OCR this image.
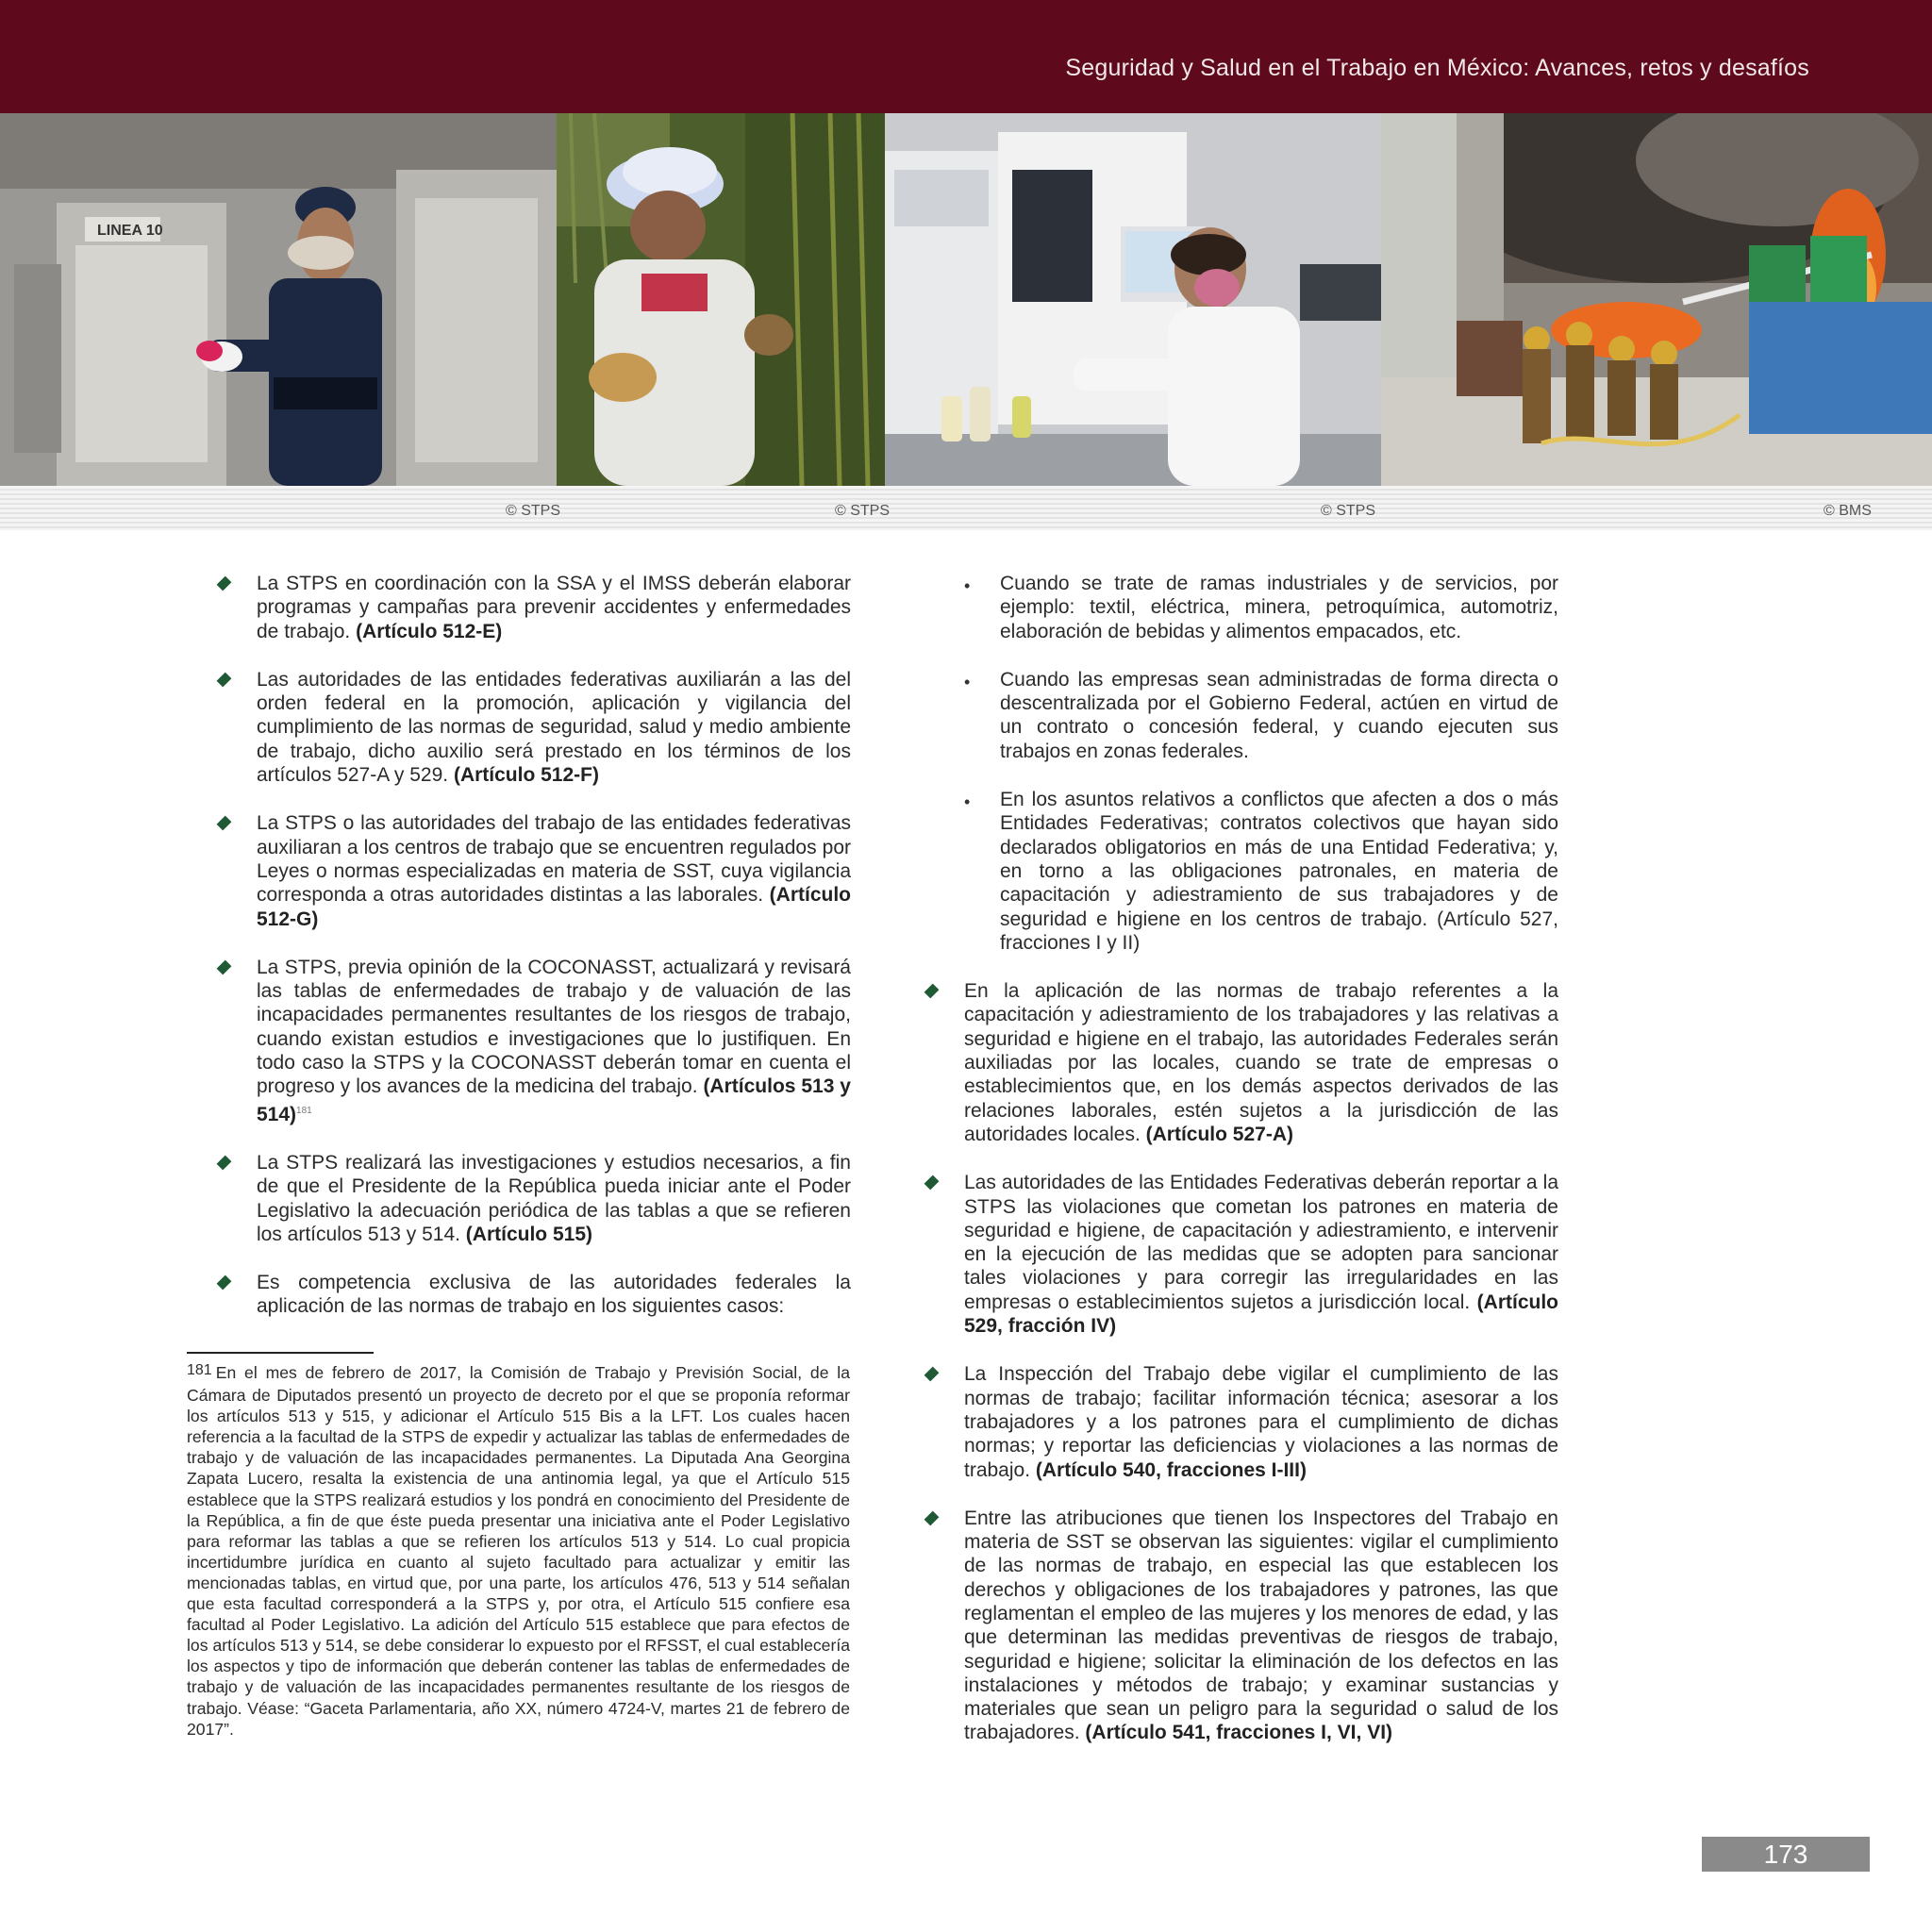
Seguridad y Salud en el Trabajo en México: Avances, retos y desafíos
LINEA 10
© STPS	© STPS	© STPS	© BMS
La STPS en coordinación con la SSA y el IMSS deberán elaborar programas y campañas para prevenir accidentes y enfermedades de trabajo. (Artículo 512-E)
Las autoridades de las entidades federativas auxiliarán a las del orden federal en la promoción, aplicación y vigilancia del cumplimiento de las normas de seguridad, salud y medio ambiente de trabajo, dicho auxilio será prestado en los términos de los artículos 527-A y 529. (Artículo 512-F)
La STPS o las autoridades del trabajo de las entidades federativas auxiliaran a los centros de trabajo que se encuentren regulados por Leyes o normas especializadas en materia de SST, cuya vigilancia corresponda a otras autoridades distintas a las laborales. (Artículo 512-G)
La STPS, previa opinión de la COCONASST, actualizará y revisará las tablas de enfermedades de trabajo y de valuación de las incapacidades permanentes resultantes de los riesgos de trabajo, cuando existan estudios e investigaciones que lo justifiquen. En todo caso la STPS y la COCONASST deberán tomar en cuenta el progreso y los avances de la medicina del trabajo. (Artículos 513 y 514)$^{181}$
La STPS realizará las investigaciones y estudios necesarios, a fin de que el Presidente de la República pueda iniciar ante el Poder Legislativo la adecuación periódica de las tablas a que se refieren los artículos 513 y 514. (Artículo 515)
Es competencia exclusiva de las autoridades federales la aplicación de las normas de trabajo en los siguientes casos:
181 En el mes de febrero de 2017, la Comisión de Trabajo y Previsión Social, de la Cámara de Diputados presentó un proyecto de decreto por el que se proponía reformar los artículos 513 y 515, y adicionar el Artículo 515 Bis a la LFT. Los cuales hacen referencia a la facultad de la STPS de expedir y actualizar las tablas de enfermedades de trabajo y de valuación de las incapacidades permanentes. La Diputada Ana Georgina Zapata Lucero, resalta la existencia de una antinomia legal, ya que el Artículo 515 establece que la STPS realizará estudios y los pondrá en conocimiento del Presidente de la República, a fin de que éste pueda presentar una iniciativa ante el Poder Legislativo para reformar las tablas a que se refieren los artículos 513 y 514. Lo cual propicia incertidumbre jurídica en cuanto al sujeto facultado para actualizar y emitir las mencionadas tablas, en virtud que, por una parte, los artículos 476, 513 y 514 señalan que esta facultad corresponderá a la STPS y, por otra, el Artículo 515 confiere esa facultad al Poder Legislativo. La adición del Artículo 515 establece que para efectos de los artículos 513 y 514, se debe considerar lo expuesto por el RFSST, el cual establecería los aspectos y tipo de información que deberán contener las tablas de enfermedades de trabajo y de valuación de las incapacidades permanentes resultante de los riesgos de trabajo. Véase: “Gaceta Parlamentaria, año XX, número 4724-V, martes 21 de febrero de 2017”.
• Cuando se trate de ramas industriales y de servicios, por ejemplo: textil, eléctrica, minera, petroquímica, automotriz, elaboración de bebidas y alimentos empacados, etc.
• Cuando las empresas sean administradas de forma directa o descentralizada por el Gobierno Federal, actúen en virtud de un contrato o concesión federal, y cuando ejecuten sus trabajos en zonas federales.
• En los asuntos relativos a conflictos que afecten a dos o más Entidades Federativas; contratos colectivos que hayan sido declarados obligatorios en más de una Entidad Federativa; y, en torno a las obligaciones patronales, en materia de capacitación y adiestramiento de sus trabajadores y de seguridad e higiene en los centros de trabajo. (Artículo 527, fracciones I y II)
En la aplicación de las normas de trabajo referentes a la capacitación y adiestramiento de los trabajadores y las relativas a seguridad e higiene en el trabajo, las autoridades Federales serán auxiliadas por las locales, cuando se trate de empresas o establecimientos que, en los demás aspectos derivados de las relaciones laborales, estén sujetos a la jurisdicción de las autoridades locales. (Artículo 527-A)
Las autoridades de las Entidades Federativas deberán reportar a la STPS las violaciones que cometan los patrones en materia de seguridad e higiene, de capacitación y adiestramiento, e intervenir en la ejecución de las medidas que se adopten para sancionar tales violaciones y para corregir las irregularidades en las empresas o establecimientos sujetos a jurisdicción local. (Artículo 529, fracción IV)
La Inspección del Trabajo debe vigilar el cumplimiento de las normas de trabajo; facilitar información técnica; asesorar a los trabajadores y a los patrones para el cumplimiento de dichas normas; y reportar las deficiencias y violaciones a las normas de trabajo. (Artículo 540, fracciones I-III)
Entre las atribuciones que tienen los Inspectores del Trabajo en materia de SST se observan las siguientes: vigilar el cumplimiento de las normas de trabajo, en especial las que establecen los derechos y obligaciones de los trabajadores y patrones, las que reglamentan el empleo de las mujeres y los menores de edad, y las que determinan las medidas preventivas de riesgos de trabajo, seguridad e higiene; solicitar la eliminación de los defectos en las instalaciones y métodos de trabajo; y examinar sustancias y materiales que sean un peligro para la seguridad o salud de los trabajadores. (Artículo 541, fracciones I, VI, VI)
173
